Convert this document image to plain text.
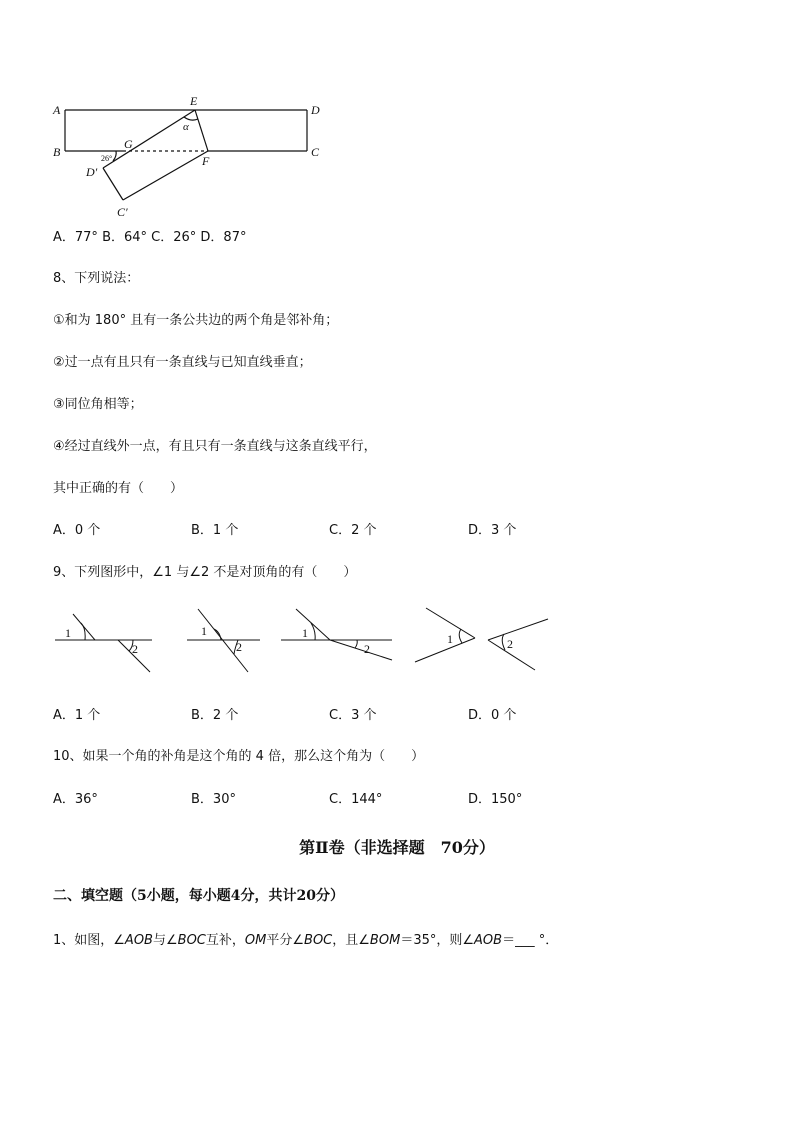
A
B
E
D
C
G
F
D′
C′
α
26°
A．77° B．64° C．26° D．87°
8、下列说法：
①和为 180° 且有一条公共边的两个角是邻补角；
②过一点有且只有一条直线与已知直线垂直；
③同位角相等；
④经过直线外一点，有且只有一条直线与这条直线平行，
其中正确的有（　　）
A．0 个	B．1 个	C．2 个	D．3 个
9、下列图形中，∠1 与∠2 不是对顶角的有（　　）
1
2
1
2
1
2
1	2
A．1 个	B．2 个	C．3 个	D．0 个
10、如果一个角的补角是这个角的 4 倍，那么这个角为（　　）
A．36°	B．30°	C．144°	D．150°
第Ⅱ卷（非选择题　70分）
二、填空题（5小题，每小题4分，共计20分）
1、如图，∠AOB与∠BOC互补，OM平分∠BOC，且∠BOM＝35°，则∠AOB＝___ °．
